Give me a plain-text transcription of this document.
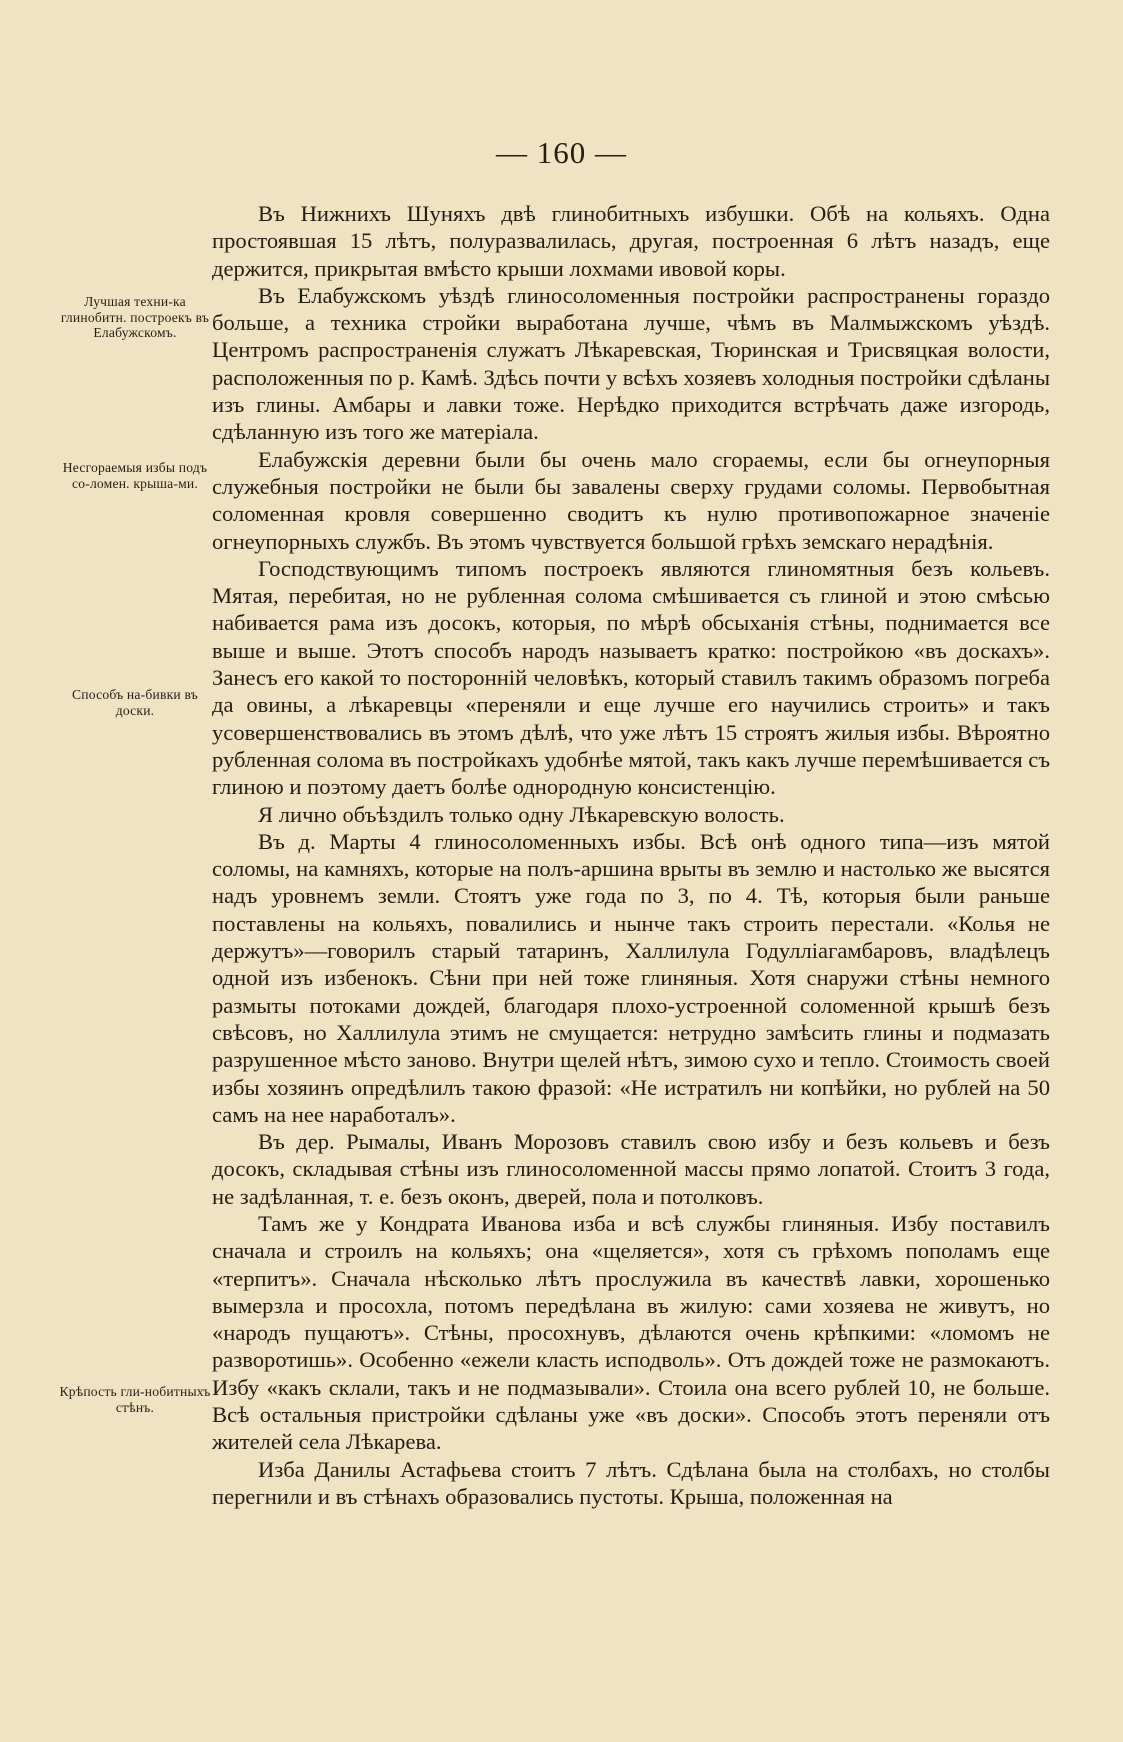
— 160 —
Лучшая техни-ка глинобитн. построекъ въ Елабужскомъ.
Несгораемыя избы подъ со-ломен. крыша-ми.
Способъ на-бивки въ доски.
Крѣпость гли-нобитныхъ стѣнъ.

Въ Нижнихъ Шуняхъ двѣ глинобитныхъ избушки. Обѣ на кольяхъ. Одна простоявшая 15 лѣтъ, полуразвалилась, другая, построенная 6 лѣтъ назадъ, еще держится, прикрытая вмѣсто крыши лохмами ивовой коры.

Въ Елабужскомъ уѣздѣ глиносоломенныя постройки распространены гораздо больше, а техника стройки выработана лучше, чѣмъ въ Малмыжскомъ уѣздѣ. Центромъ распространенія служатъ Лѣкаревская, Тюринская и Трисвяцкая волости, расположенныя по р. Камѣ. Здѣсь почти у всѣхъ хозяевъ холодныя постройки сдѣланы изъ глины. Амбары и лавки тоже. Нерѣдко приходится встрѣчать даже изгородь, сдѣланную изъ того же матеріала.

Елабужскія деревни были бы очень мало сгораемы, если бы огнеупорныя служебныя постройки не были бы завалены сверху грудами соломы. Первобытная соломенная кровля совершенно сводитъ къ нулю противопожарное значеніе огнеупорныхъ службъ. Въ этомъ чувствуется большой грѣхъ земскаго нерадѣнія.

Господствующимъ типомъ построекъ являются глиномятныя безъ кольевъ. Мятая, перебитая, но не рубленная солома смѣшивается съ глиной и этою смѣсью набивается рама изъ досокъ, которыя, по мѣрѣ обсыханія стѣны, поднимается все выше и выше. Этотъ способъ народъ называетъ кратко: постройкою «въ доскахъ». Занесъ его какой то посторонній человѣкъ, который ставилъ такимъ образомъ погреба да овины, а лѣкаревцы «переняли и еще лучше его научились строить» и такъ усовершенствовались въ этомъ дѣлѣ, что уже лѣтъ 15 строятъ жилыя избы. Вѣроятно рубленная солома въ постройкахъ удобнѣе мятой, такъ какъ лучше перемѣшивается съ глиною и поэтому даетъ болѣе однородную консистенцію.

Я лично объѣздилъ только одну Лѣкаревскую волость.

Въ д. Марты 4 глиносоломенныхъ избы. Всѣ онѣ одного типа—изъ мятой соломы, на камняхъ, которые на полъ-аршина врыты въ землю и настолько же высятся надъ уровнемъ земли. Стоятъ уже года по 3, по 4. Тѣ, которыя были раньше поставлены на кольяхъ, повалились и нынче такъ строить перестали. «Колья не держутъ»—говорилъ старый татаринъ, Халлилула Годулліагамбаровъ, владѣлецъ одной изъ избенокъ. Сѣни при ней тоже глиняныя. Хотя снаружи стѣны немного размыты потоками дождей, благодаря плохо-устроенной соломенной крышѣ безъ свѣсовъ, но Халлилула этимъ не смущается: нетрудно замѣсить глины и подмазать разрушенное мѣсто заново. Внутри щелей нѣтъ, зимою сухо и тепло. Стоимость своей избы хозяинъ опредѣлилъ такою фразой: «Не истратилъ ни копѣйки, но рублей на 50 самъ на нее наработалъ».

Въ дер. Рымалы, Иванъ Морозовъ ставилъ свою избу и безъ кольевъ и безъ досокъ, складывая стѣны изъ глиносоломенной массы прямо лопатой. Стоитъ 3 года, не задѣланная, т. е. безъ оконъ, дверей, пола и потолковъ.

Тамъ же у Кондрата Иванова изба и всѣ службы глиняныя. Избу поставилъ сначала и строилъ на кольяхъ; она «щеляется», хотя съ грѣхомъ пополамъ еще «терпитъ». Сначала нѣсколько лѣтъ прослужила въ качествѣ лавки, хорошенько вымерзла и просохла, потомъ передѣлана въ жилую: сами хозяева не живутъ, но «народъ пущаютъ». Стѣны, просохнувъ, дѣлаются очень крѣпкими: «ломомъ не разворотишь». Особенно «ежели класть исподволь». Отъ дождей тоже не размокаютъ. Избу «какъ склали, такъ и не подмазывали». Стоила она всего рублей 10, не больше. Всѣ остальныя пристройки сдѣланы уже «въ доски». Способъ этотъ переняли отъ жителей села Лѣкарева.

Изба Данилы Астафьева стоитъ 7 лѣтъ. Сдѣлана была на столбахъ, но столбы перегнили и въ стѣнахъ образовались пустоты. Крыша, положенная на
